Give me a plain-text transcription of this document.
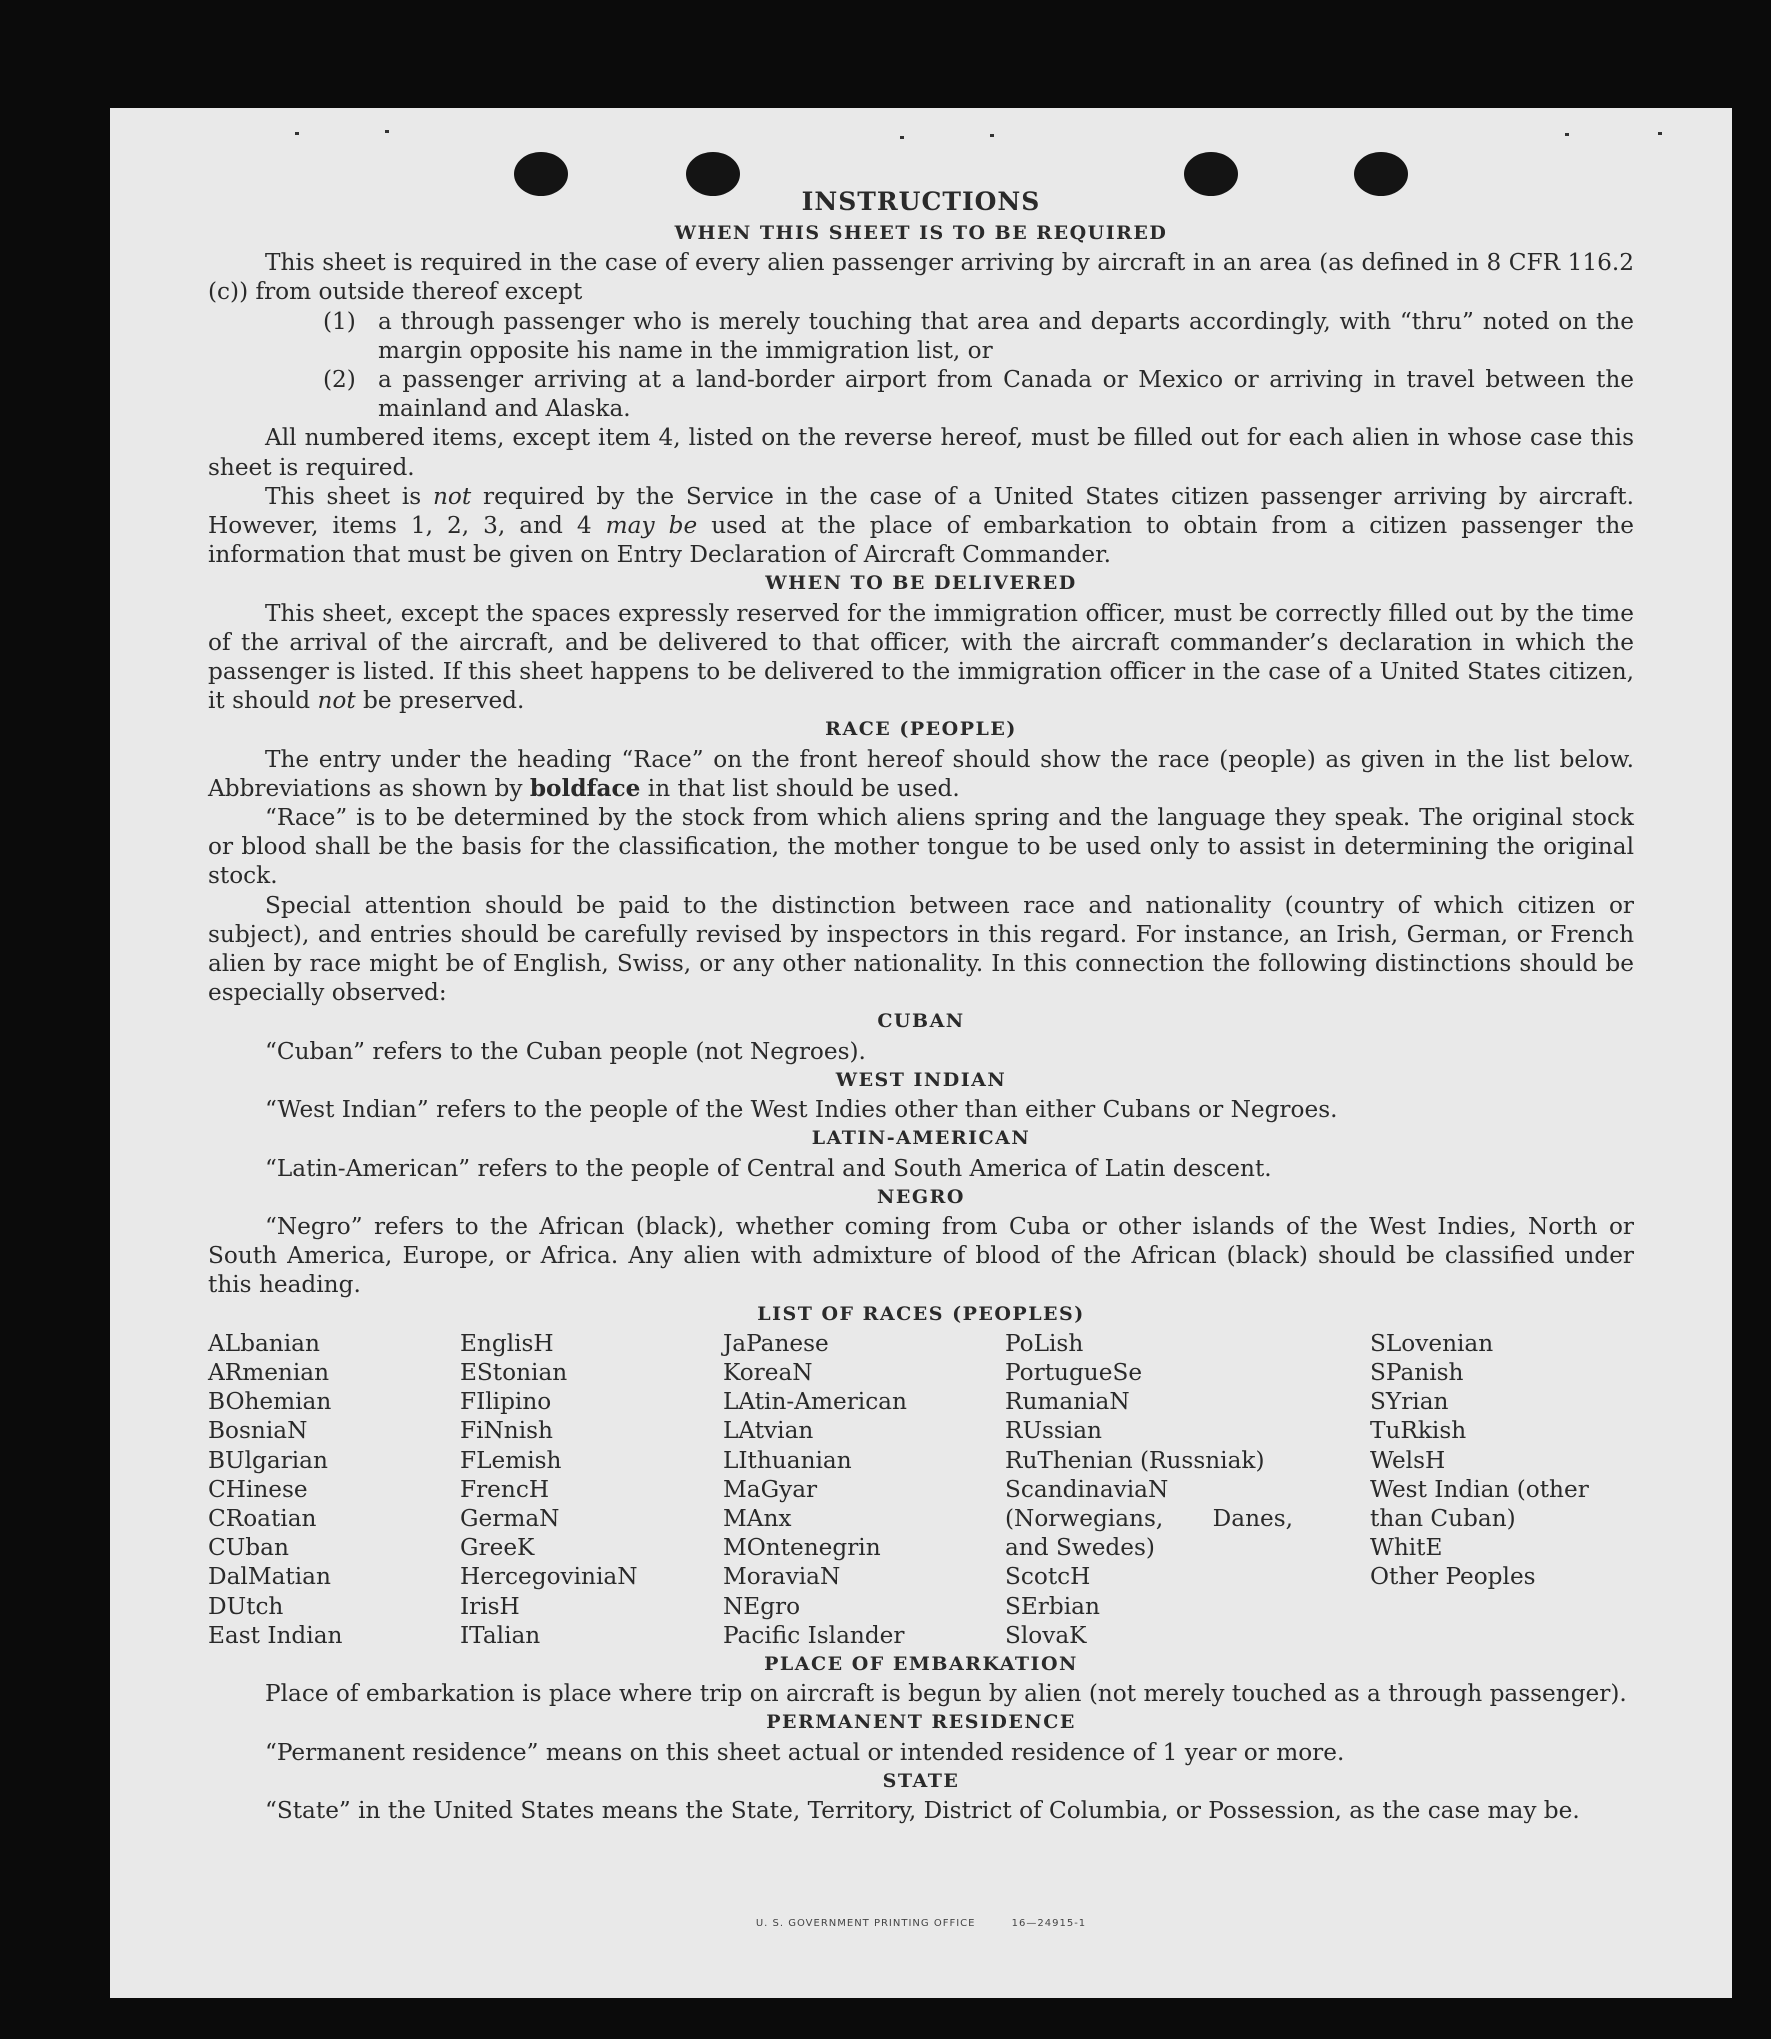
INSTRUCTIONS
WHEN THIS SHEET IS TO BE REQUIRED

This sheet is required in the case of every alien passenger arriving by aircraft in an area (as defined in 8 CFR 116.2 (c)) from outside thereof except

(1) a through passenger who is merely touching that area and departs accordingly, with “thru” noted on the margin opposite his name in the immigration list, or
(2) a passenger arriving at a land-border airport from Canada or Mexico or arriving in travel between the mainland and Alaska.

All numbered items, except item 4, listed on the reverse hereof, must be filled out for each alien in whose case this sheet is required.

This sheet is not required by the Service in the case of a United States citizen passenger arriving by aircraft. However, items 1, 2, 3, and 4 may be used at the place of embarkation to obtain from a citizen passenger the information that must be given on Entry Declaration of Aircraft Commander.

WHEN TO BE DELIVERED

This sheet, except the spaces expressly reserved for the immigration officer, must be correctly filled out by the time of the arrival of the aircraft, and be delivered to that officer, with the aircraft commander’s declaration in which the passenger is listed. If this sheet happens to be delivered to the immigration officer in the case of a United States citizen, it should not be preserved.

RACE (PEOPLE)

The entry under the heading “Race” on the front hereof should show the race (people) as given in the list below. Abbreviations as shown by boldface in that list should be used.

“Race” is to be determined by the stock from which aliens spring and the language they speak. The original stock or blood shall be the basis for the classification, the mother tongue to be used only to assist in determining the original stock.

Special attention should be paid to the distinction between race and nationality (country of which citizen or subject), and entries should be carefully revised by inspectors in this regard. For instance, an Irish, German, or French alien by race might be of English, Swiss, or any other nationality. In this connection the following distinctions should be especially observed:

CUBAN

“Cuban” refers to the Cuban people (not Negroes).

WEST INDIAN

“West Indian” refers to the people of the West Indies other than either Cubans or Negroes.

LATIN-AMERICAN

“Latin-American” refers to the people of Central and South America of Latin descent.

NEGRO

“Negro” refers to the African (black), whether coming from Cuba or other islands of the West Indies, North or South America, Europe, or Africa. Any alien with admixture of blood of the African (black) should be classified under this heading.

LIST OF RACES (PEOPLES)
ALbanian
ARmenian
BOhemian
BosniaN
BUlgarian
CHinese
CRoatian
CUban
DalMatian
DUtch
East Indian
EnglisH
EStonian
FIlipino
FiNnish
FLemish
FrencH
GermaN
GreeK
HercegoviniaN
IrisH
ITalian
JaPanese
KoreaN
LAtin-American
LAtvian
LIthuanian
MaGyar
MAnx
MOntenegrin
MoraviaN
NEgro
Pacific Islander
PoLish
PortugueSe
RumaniaN
RUssian
RuThenian (Russniak)
ScandinaviaN (Norwegians, Danes, and Swedes)
ScotcH
SErbian
SlovaK
SLovenian
SPanish
SYrian
TuRkish
WelsH
West Indian (other than Cuban)
WhitE
Other Peoples
PLACE OF EMBARKATION

Place of embarkation is place where trip on aircraft is begun by alien (not merely touched as a through passenger).

PERMANENT RESIDENCE

“Permanent residence” means on this sheet actual or intended residence of 1 year or more.

STATE

“State” in the United States means the State, Territory, District of Columbia, or Possession, as the case may be.

U. S. GOVERNMENT PRINTING OFFICE	16—24915-1
